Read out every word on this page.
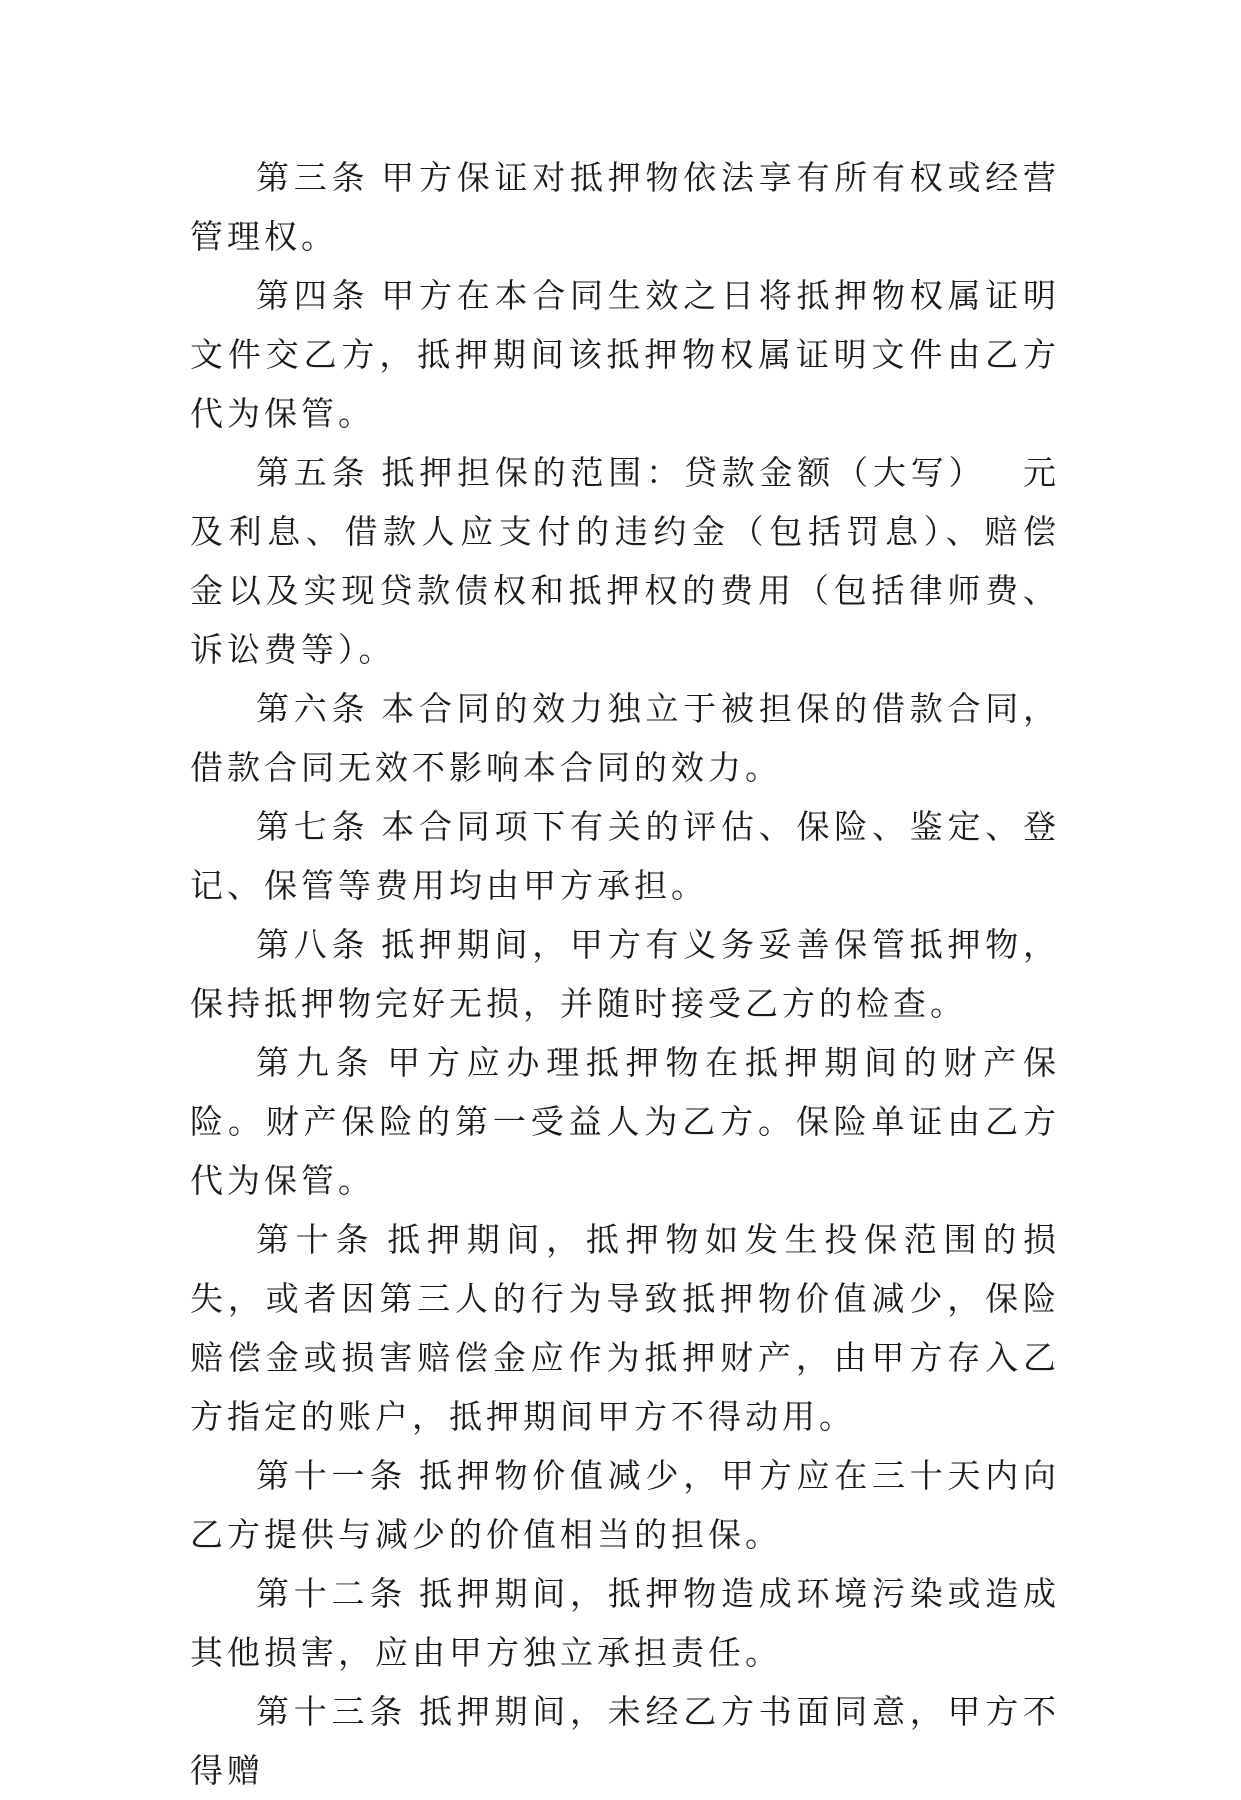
第三条 甲方保证对抵押物依法享有所有权或经营管理权。

第四条 甲方在本合同生效之日将抵押物权属证明文件交乙方，抵押期间该抵押物权属证明文件由乙方代为保管。

第五条 抵押担保的范围：贷款金额（大写）　 元及利息、借款人应支付的违约金（包括罚息）、赔偿金以及实现贷款债权和抵押权的费用（包括律师费、诉讼费等）。

第六条 本合同的效力独立于被担保的借款合同，借款合同无效不影响本合同的效力。

第七条 本合同项下有关的评估、保险、鉴定、登记、保管等费用均由甲方承担。

第八条 抵押期间，甲方有义务妥善保管抵押物，保持抵押物完好无损，并随时接受乙方的检查。

第九条 甲方应办理抵押物在抵押期间的财产保险。财产保险的第一受益人为乙方。保险单证由乙方代为保管。

第十条 抵押期间，抵押物如发生投保范围的损失，或者因第三人的行为导致抵押物价值减少，保险赔偿金或损害赔偿金应作为抵押财产，由甲方存入乙方指定的账户，抵押期间甲方不得动用。

第十一条 抵押物价值减少，甲方应在三十天内向乙方提供与减少的价值相当的担保。

第十二条 抵押期间，抵押物造成环境污染或造成其他损害，应由甲方独立承担责任。

第十三条 抵押期间，未经乙方书面同意，甲方不得赠
